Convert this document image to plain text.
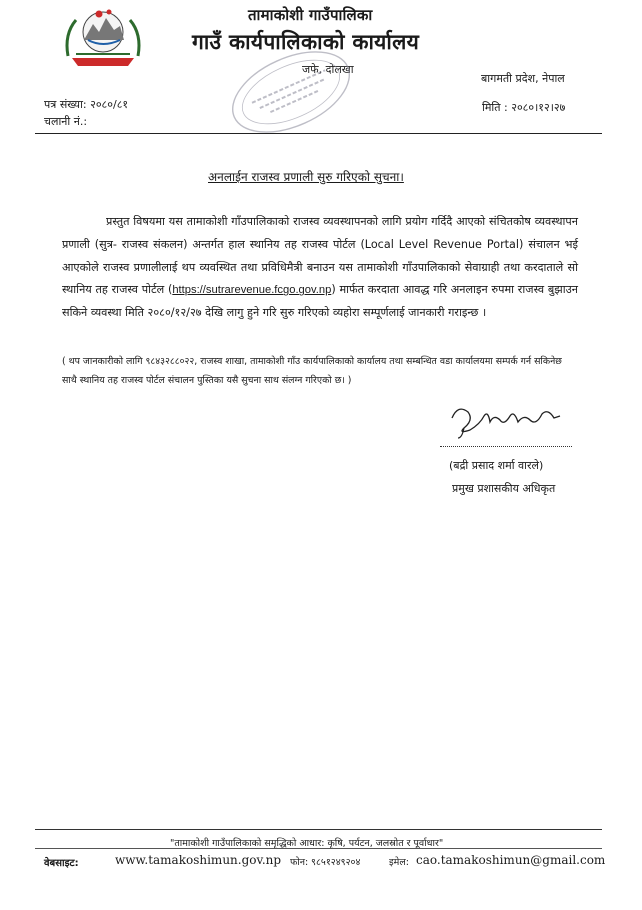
तामाकोशी गाउँपालिका
गाउँ कार्यपालिकाको कार्यालय
जफे, दोलखा
बागमती प्रदेश, नेपाल
पत्र संख्या: २०८०/८१
चलानी नं.:
मिति : २०८०।१२।२७
अनलाईन राजस्व प्रणाली सुरु गरिएको सुचना।
प्रस्तुत विषयमा यस तामाकोशी गाँउपालिकाको राजस्व व्यवस्थापनको लागि प्रयोग गर्दिदै आएको संचितकोष व्यवस्थापन प्रणाली (सुत्र- राजस्व संकलन) अन्तर्गत हाल स्थानिय तह राजस्व पोर्टल (Local Level Revenue Portal) संचालन भई आएकोले राजस्व प्रणालीलाई थप व्यवस्थित तथा प्रविधिमैत्री बनाउन यस तामाकोशी गाँउपालिकाको सेवाग्राही तथा करदाताले सो स्थानिय तह राजस्व पोर्टल (https://sutrarevenue.fcgo.gov.np) मार्फत करदाता आवद्ध गरि अनलाइन रुपमा राजस्व बुझाउन सकिने व्यवस्था मिति २०८०/१२/२७ देखि लागु हुने गरि सुरु गरिएको व्यहोरा सम्पूर्णलाई जानकारी गराइन्छ ।
( थप जानकारीको लागि ९८४३२८८०२२, राजस्व शाखा, तामाकोशी गाँउ कार्यपालिकाको कार्यालय तथा सम्बन्धित वडा कार्यालयमा सम्पर्क गर्न सकिनेछ साथै स्थानिय तह राजस्व पोर्टल संचालन पुस्तिका यसै सुचना साथ संलग्न गरिएको छ। )
(बद्री प्रसाद शर्मा वारले)
प्रमुख प्रशासकीय अधिकृत
"तामाकोशी गाउँपालिकाको समृद्धिको आधार: कृषि, पर्यटन, जलस्रोत र पूर्वाधार"
वेबसाइट:	www.tamakoshimun.gov.np फोन: ९८५१२४९२०४	इमेल: cao.tamakoshimun@gmail.com
